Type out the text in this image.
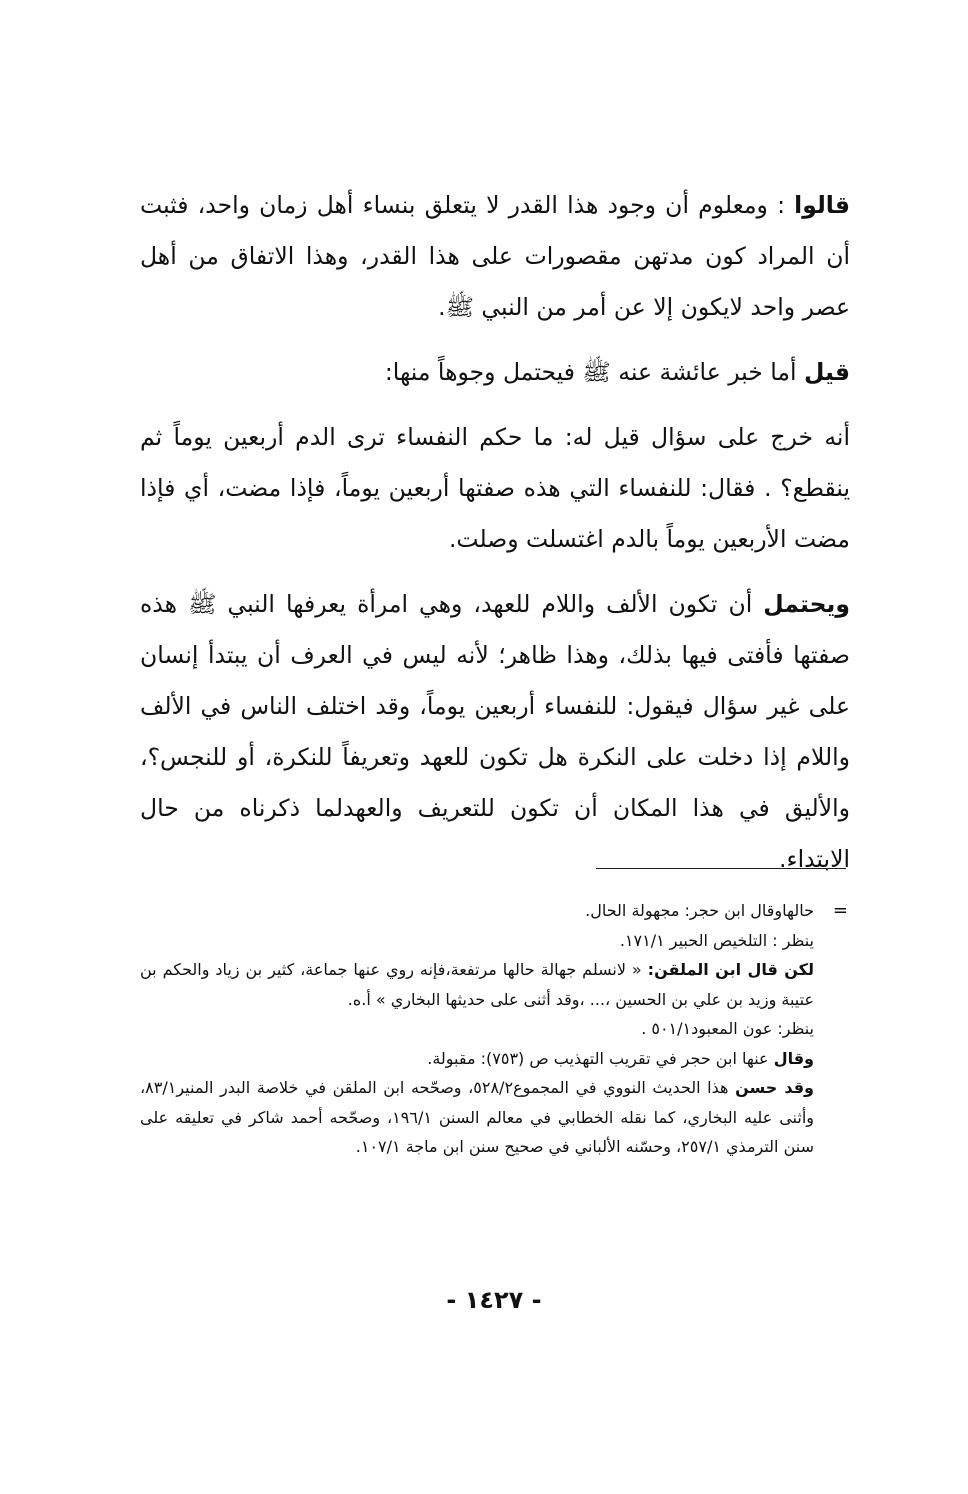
قالوا : ومعلوم أن وجود هذا القدر لا يتعلق بنساء أهل زمان واحد، فثبت أن المراد كون مدتهن مقصورات على هذا القدر، وهذا الاتفاق من أهل عصر واحد لايكون إلا عن أمر من النبي ﷺ.

قيل أما خبر عائشة عنه ﷺ فيحتمل وجوهاً منها:

أنه خرج على سؤال قيل له: ما حكم النفساء ترى الدم أربعين يوماً ثم ينقطع؟ . فقال: للنفساء التي هذه صفتها أربعين يوماً، فإذا مضت، أي فإذا مضت الأربعين يوماً بالدم اغتسلت وصلت.

ويحتمل أن تكون الألف واللام للعهد، وهي امرأة يعرفها النبي ﷺ هذه صفتها فأفتى فيها بذلك، وهذا ظاهر؛ لأنه ليس في العرف أن يبتدأ إنسان على غير سؤال فيقول: للنفساء أربعين يوماً، وقد اختلف الناس في الألف واللام إذا دخلت على النكرة هل تكون للعهد وتعريفاً للنكرة، أو للنجس؟، والأليق في هذا المكان أن تكون للتعريف والعهدلما ذكرناه من حال الابتداء.

=
حالهاوقال ابن حجر: مجهولة الحال.
ينظر : التلخيص الحبير ١٧١/١.
لكن قال ابن الملقن: « لانسلم جهالة حالها مرتفعة،فإنه روي عنها جماعة، كثير بن زياد والحكم بن عتيبة وزيد بن علي بن الحسين ،... ،وقد أثنى على حديثها البخاري » أ.ه.
ينظر: عون المعبود٥٠١/١ .
وقال عنها ابن حجر في تقريب التهذيب ص (٧٥٣): مقبولة.
وقد حسن هذا الحديث النووي في المجموع٥٢٨/٢، وصحّحه ابن الملقن في خلاصة البدر المنير٨٣/١، وأثنى عليه البخاري، كما نقله الخطابي في معالم السنن ١٩٦/١، وصحّحه أحمد شاكر في تعليقه على سنن الترمذي ٢٥٧/١، وحسّنه الألباني في صحيح سنن ابن ماجة ١٠٧/١.
- ١٤٢٧ -
